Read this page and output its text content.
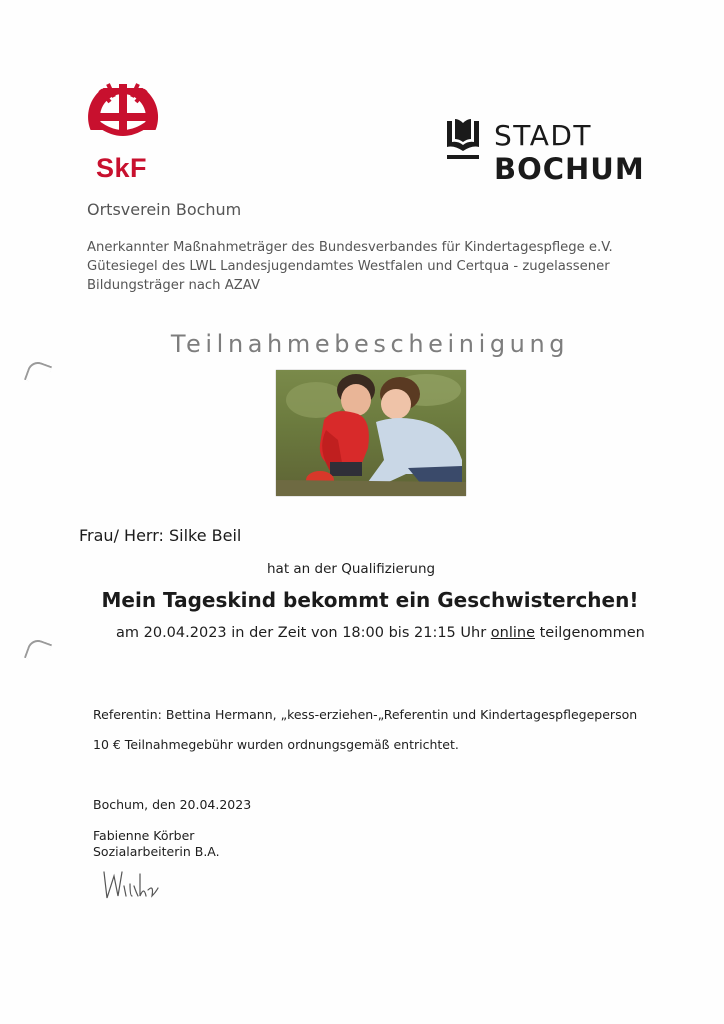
SkF
STADT
BOCHUM
Ortsverein Bochum
Anerkannter Maßnahmeträger des Bundesverbandes für Kindertagespflege e.V.
Gütesiegel des LWL Landesjugendamtes Westfalen und Certqua - zugelassener
Bildungsträger nach AZAV
Teilnahmebescheinigung
Frau/ Herr: Silke Beil
hat an der Qualifizierung
Mein Tageskind bekommt ein Geschwisterchen!
am 20.04.2023 in der Zeit von 18:00 bis 21:15 Uhr online teilgenommen
Referentin: Bettina Hermann, „kess-erziehen-„Referentin und Kindertagespflegeperson
10 € Teilnahmegebühr wurden ordnungsgemäß entrichtet.
Bochum, den 20.04.2023
Fabienne Körber
Sozialarbeiterin B.A.
